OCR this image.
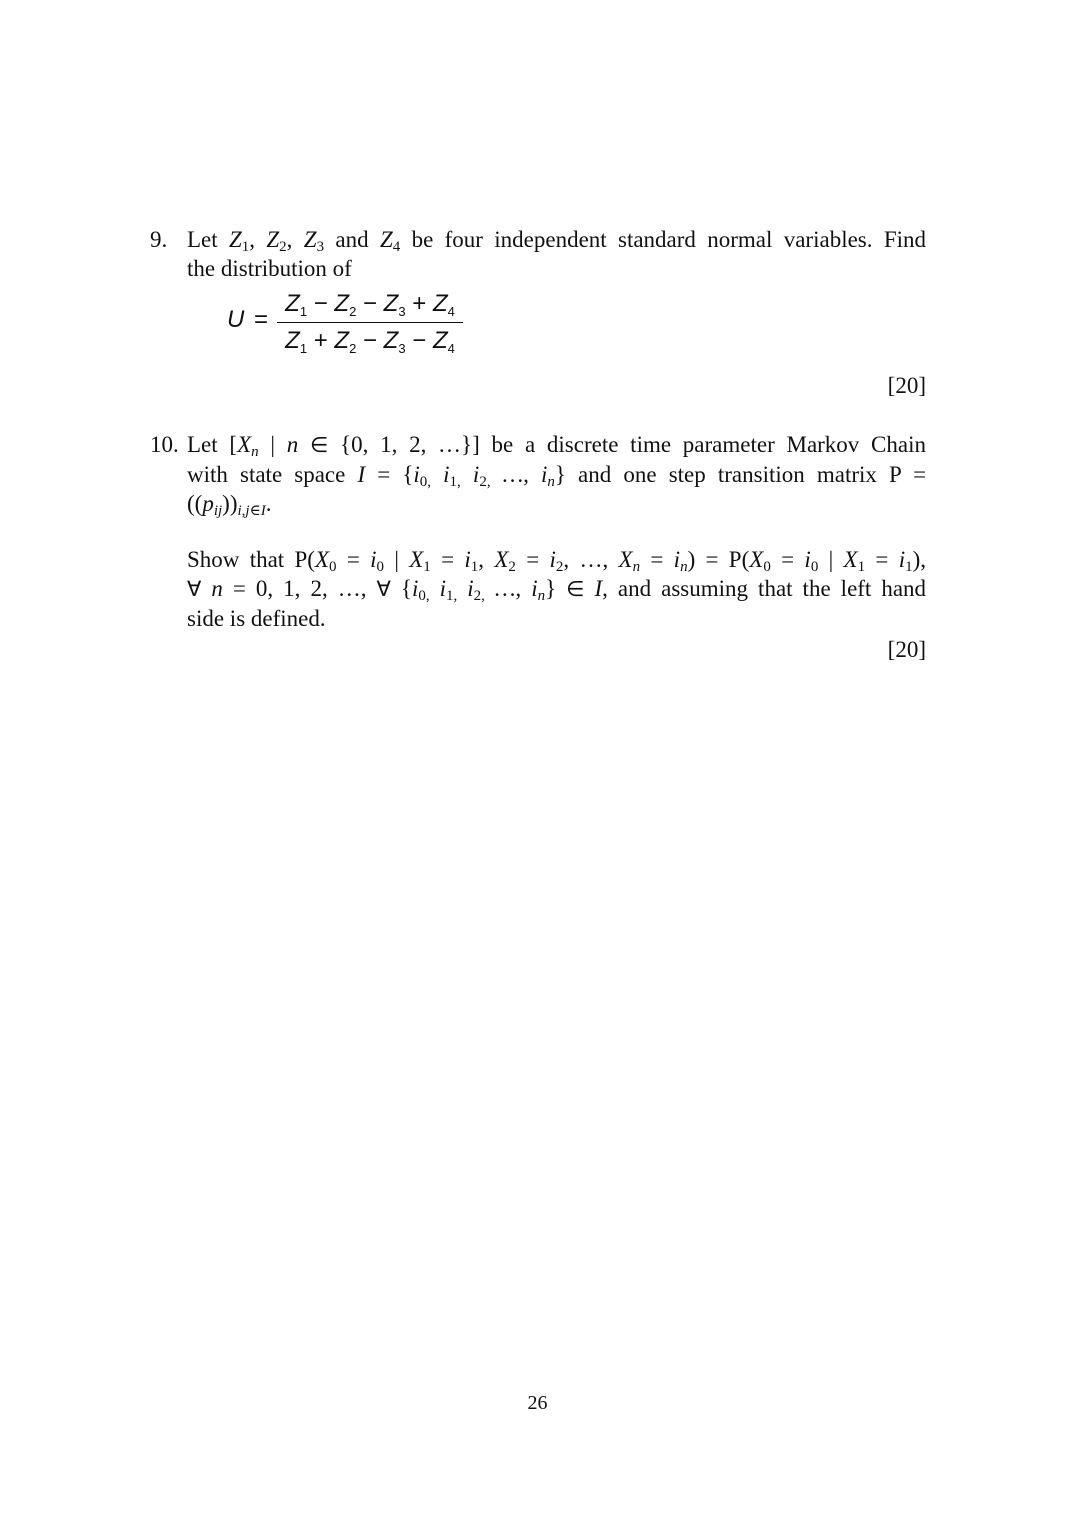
9. Let $Z_1$, $Z_2$, $Z_3$ and $Z_4$ be four independent standard normal variables. Find
the distribution of
U =
$Z_1 - Z_2 - Z_3 + Z_4$
$Z_1 + Z_2 - Z_3 - Z_4$
[20]
10. Let [$X_n$ | n ∈ {0, 1, 2, …}] be a discrete time parameter Markov Chain
with state space $I = \{i_{0,}$ $i_{1,}$ $i_{2,}$ …, $i_n$} and one step transition matrix P =
$((p_{ij}))_{i,j\in I}$.
Show that $P(X_0 = i_0$ | $X_1 = i_1$, $X_2 = i_2$, …, $X_n = i_n) = P(X_0 = i_0$ | $X_1 = i_1$),
∀ n = 0, 1, 2, …, ∀ {$i_{0,}$ $i_{1,}$ $i_{2,}$ …, $i_n$} ∈ I, and assuming that the left hand
side is defined.
[20]
26
